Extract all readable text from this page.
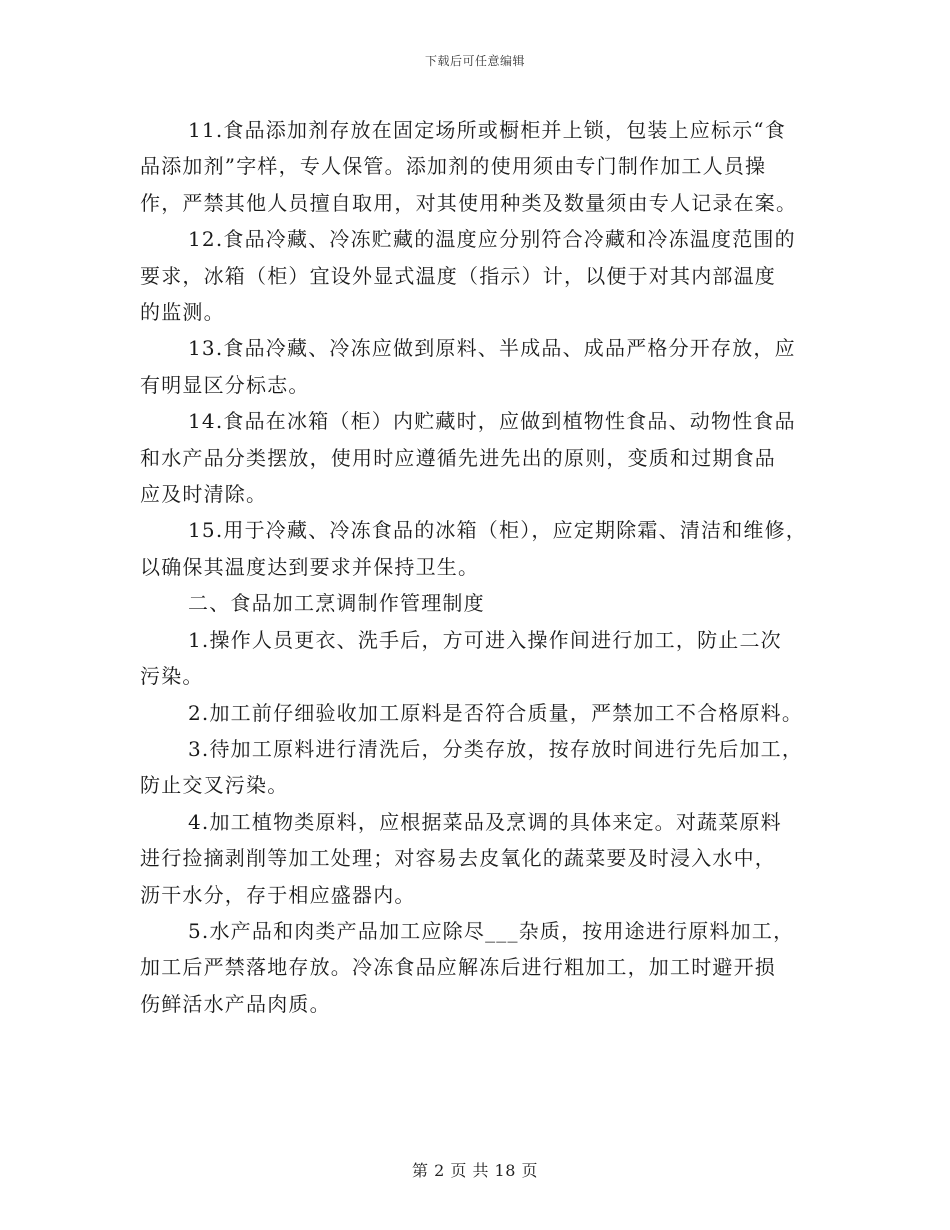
下载后可任意编辑

11.食品添加剂存放在固定场所或橱柜并上锁，包装上应标示“食
品添加剂”字样，专人保管。添加剂的使用须由专门制作加工人员操
作，严禁其他人员擅自取用，对其使用种类及数量须由专人记录在案。

12.食品冷藏、冷冻贮藏的温度应分别符合冷藏和冷冻温度范围的
要求，冰箱（柜）宜设外显式温度（指示）计，以便于对其内部温度
的监测。

13.食品冷藏、冷冻应做到原料、半成品、成品严格分开存放，应
有明显区分标志。

14.食品在冰箱（柜）内贮藏时，应做到植物性食品、动物性食品
和水产品分类摆放，使用时应遵循先进先出的原则，变质和过期食品
应及时清除。

15.用于冷藏、冷冻食品的冰箱（柜），应定期除霜、清洁和维修，
以确保其温度达到要求并保持卫生。

二、食品加工烹调制作管理制度

1.操作人员更衣、洗手后，方可进入操作间进行加工，防止二次
污染。

2.加工前仔细验收加工原料是否符合质量，严禁加工不合格原料。

3.待加工原料进行清洗后，分类存放，按存放时间进行先后加工，
防止交叉污染。

4.加工植物类原料，应根据菜品及烹调的具体来定。对蔬菜原料
进行捡摘剥削等加工处理；对容易去皮氧化的蔬菜要及时浸入水中，
沥干水分，存于相应盛器内。

5.水产品和肉类产品加工应除尽___杂质，按用途进行原料加工，
加工后严禁落地存放。冷冻食品应解冻后进行粗加工，加工时避开损
伤鲜活水产品肉质。

第 2 页 共 18 页
